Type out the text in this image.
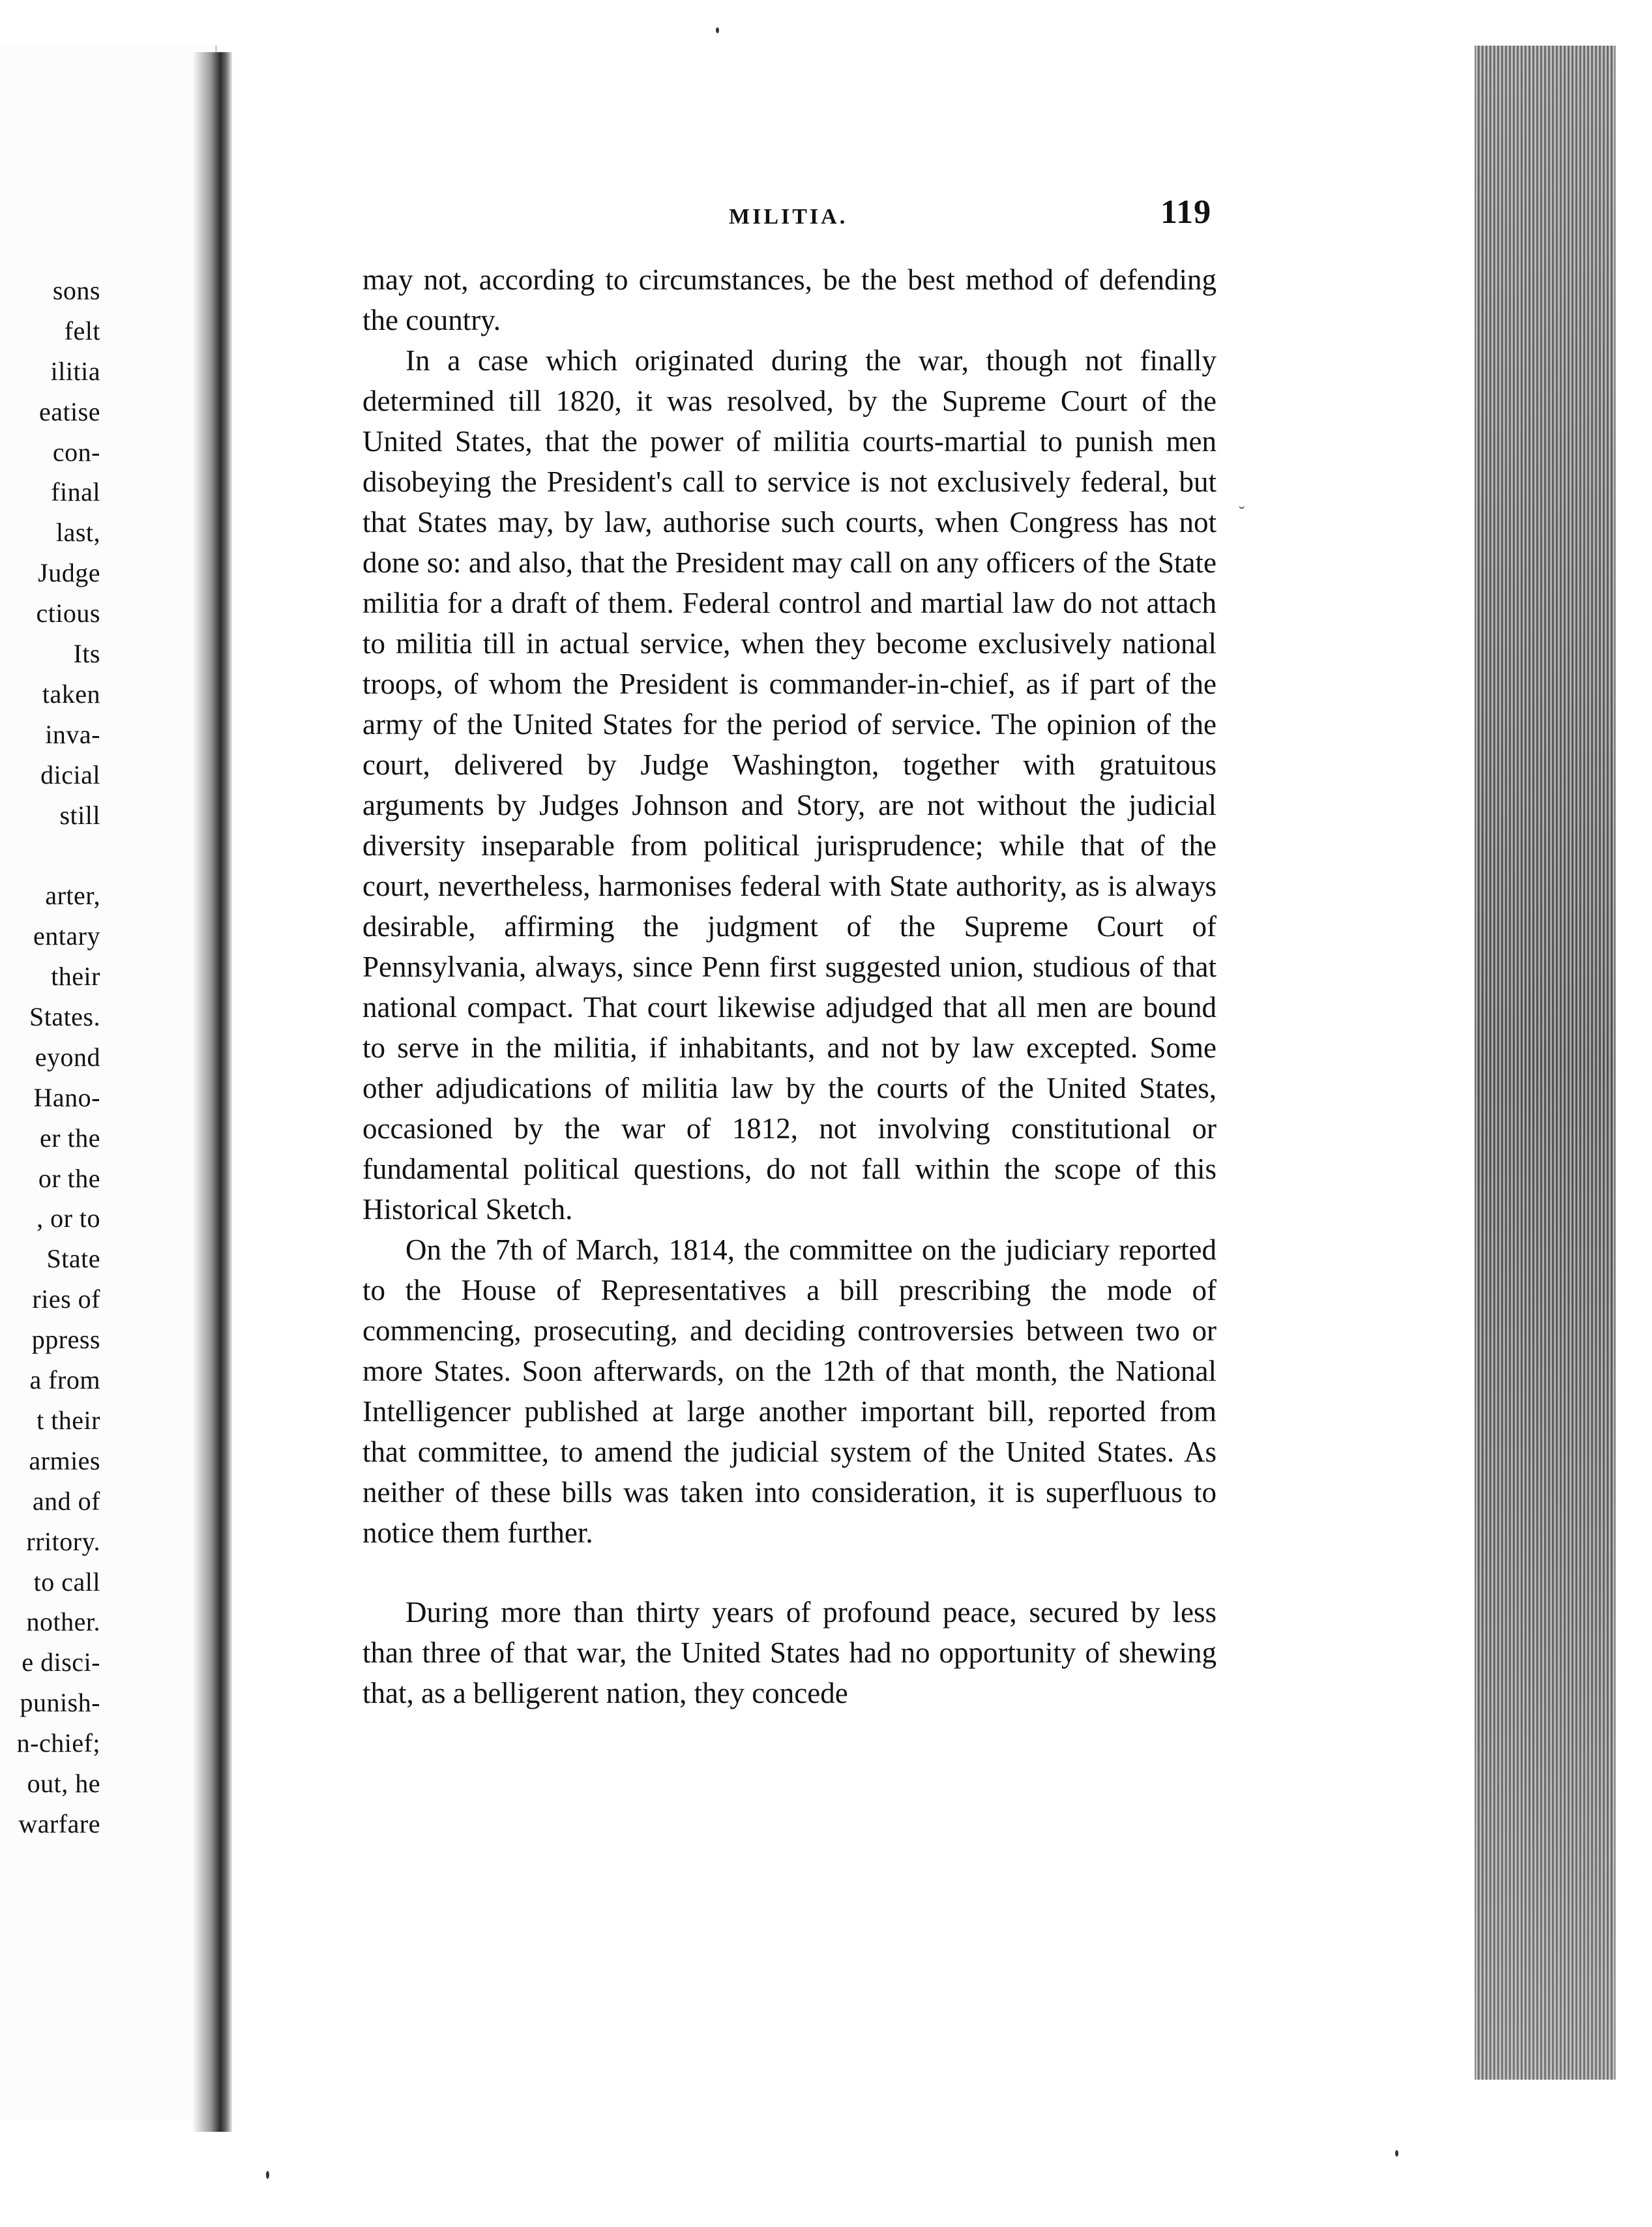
sons
felt
ilitia
eatise
con-
final
last,
Judge
ctious
Its
taken
inva-
dicial
still
arter,
entary
their
States.
eyond
Hano-
er the
or the
, or to
State
ries of
ppress
a from
t their
armies
and of
rritory.
to call
nother.
e disci-
punish-
n-chief;
out, he
warfare
MILITIA.	119

may not, according to circumstances, be the best method of defending the country.

In a case which originated during the war, though not finally determined till 1820, it was resolved, by the Supreme Court of the United States, that the power of militia courts-martial to punish men disobeying the President's call to service is not exclusively federal, but that States may, by law, authorise such courts, when Congress has not done so: and also, that the President may call on any officers of the State militia for a draft of them. Federal control and martial law do not attach to militia till in actual service, when they become exclusively national troops, of whom the President is commander-in-chief, as if part of the army of the United States for the period of service. The opinion of the court, delivered by Judge Washington, together with gratuitous arguments by Judges Johnson and Story, are not without the judicial diversity inseparable from political jurisprudence; while that of the court, nevertheless, harmonises federal with State authority, as is always desirable, affirming the judgment of the Supreme Court of Pennsylvania, always, since Penn first suggested union, studious of that national compact. That court likewise adjudged that all men are bound to serve in the militia, if inhabitants, and not by law excepted. Some other adjudications of militia law by the courts of the United States, occasioned by the war of 1812, not involving constitutional or fundamental political questions, do not fall within the scope of this Historical Sketch.

On the 7th of March, 1814, the committee on the judiciary reported to the House of Representatives a bill prescribing the mode of commencing, prosecuting, and deciding controversies between two or more States. Soon afterwards, on the 12th of that month, the National Intelligencer published at large another important bill, reported from that committee, to amend the judicial system of the United States. As neither of these bills was taken into consideration, it is superfluous to notice them further.

During more than thirty years of profound peace, secured by less than three of that war, the United States had no opportunity of shewing that, as a belligerent nation, they concede

˘
